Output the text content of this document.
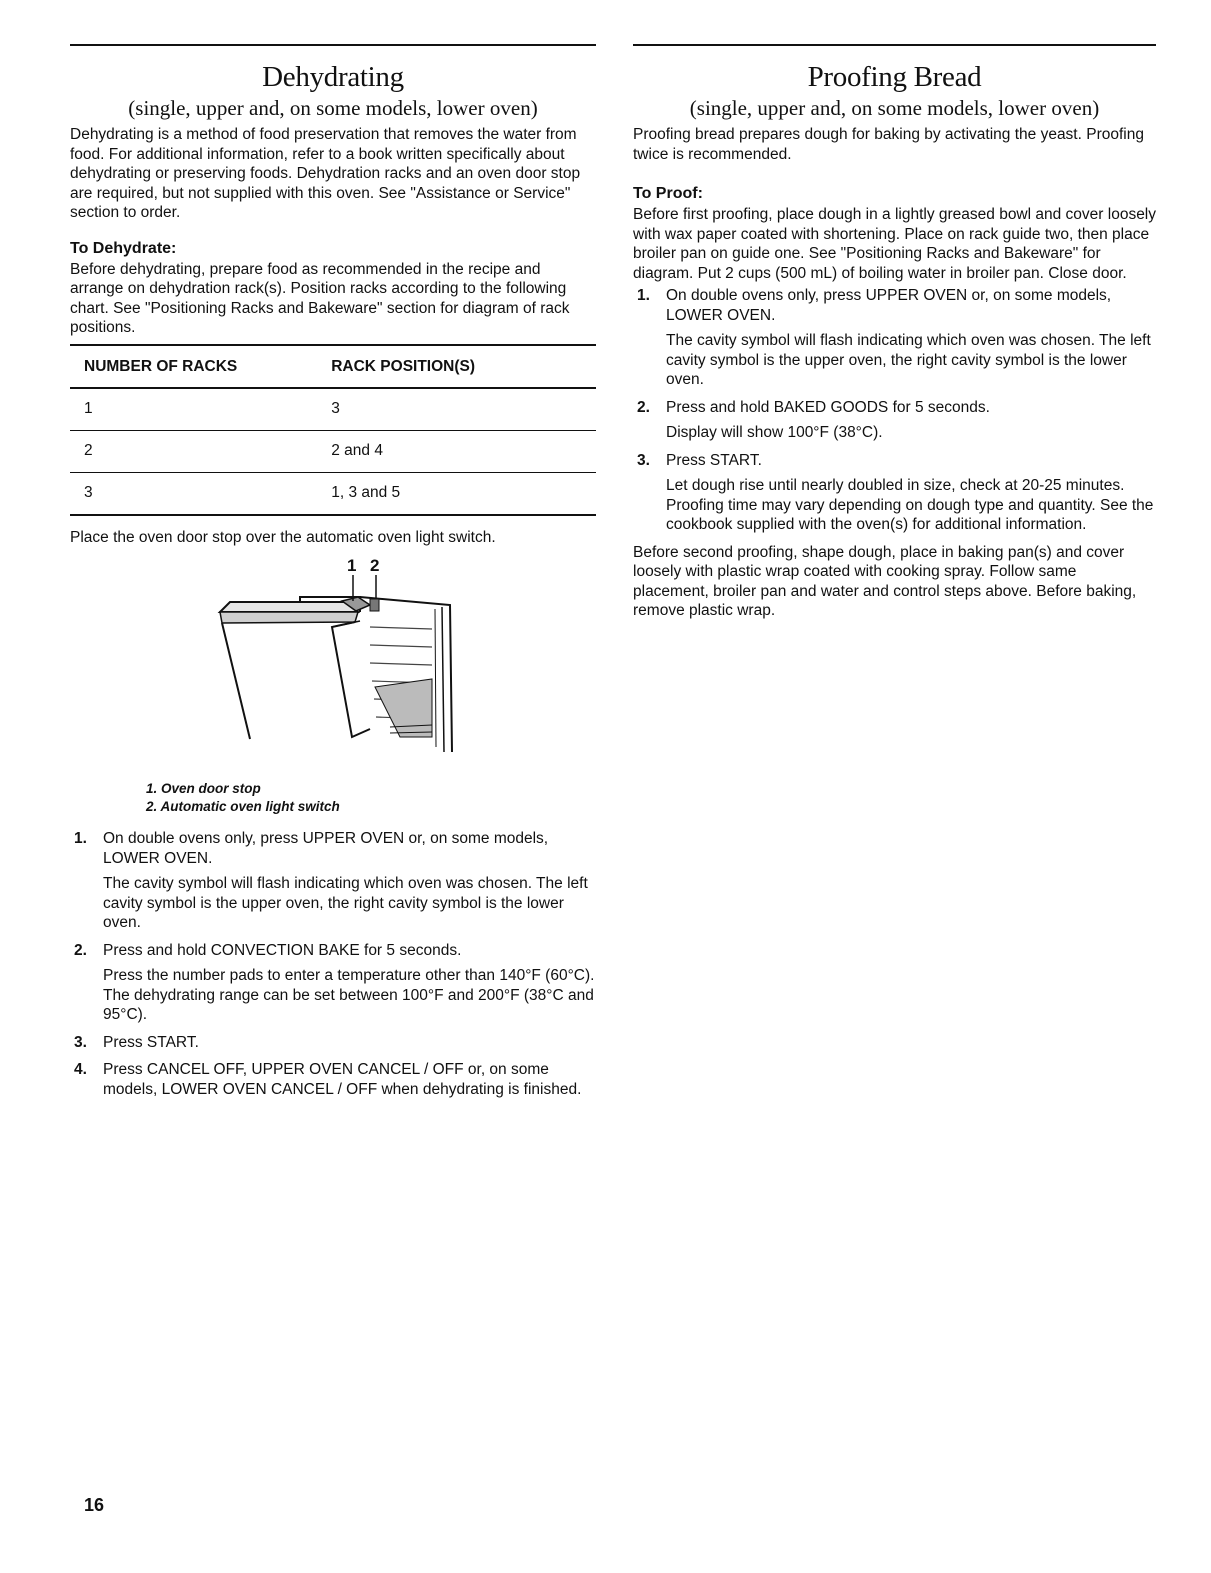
Dehydrating
(single, upper and, on some models, lower oven)

Dehydrating is a method of food preservation that removes the water from food. For additional information, refer to a book written specifically about dehydrating or preserving foods. Dehydration racks and an oven door stop are required, but not supplied with this oven. See "Assistance or Service" section to order.

To Dehydrate:

Before dehydrating, prepare food as recommended in the recipe and arrange on dehydration rack(s). Position racks according to the following chart. See "Positioning Racks and Bakeware" section for diagram of rack positions.

NUMBER OF RACKS	RACK POSITION(S)
1	3
2	2 and 4
3	1, 3 and 5

Place the oven door stop over the automatic oven light switch.

1 2
1. Oven door stop
2. Automatic oven light switch
1. On double ovens only, press UPPER OVEN or, on some models, LOWER OVEN.

The cavity symbol will flash indicating which oven was chosen. The left cavity symbol is the upper oven, the right cavity symbol is the lower oven.

2. Press and hold CONVECTION BAKE for 5 seconds.

Press the number pads to enter a temperature other than 140°F (60°C). The dehydrating range can be set between 100°F and 200°F (38°C and 95°C).

3. Press START.

4. Press CANCEL OFF, UPPER OVEN CANCEL / OFF or, on some models, LOWER OVEN CANCEL / OFF when dehydrating is finished.

Proofing Bread
(single, upper and, on some models, lower oven)

Proofing bread prepares dough for baking by activating the yeast. Proofing twice is recommended.

To Proof:

Before first proofing, place dough in a lightly greased bowl and cover loosely with wax paper coated with shortening. Place on rack guide two, then place broiler pan on guide one. See "Positioning Racks and Bakeware" for diagram. Put 2 cups (500 mL) of boiling water in broiler pan. Close door.

1. On double ovens only, press UPPER OVEN or, on some models, LOWER OVEN.

The cavity symbol will flash indicating which oven was chosen. The left cavity symbol is the upper oven, the right cavity symbol is the lower oven.

2. Press and hold BAKED GOODS for 5 seconds.

Display will show 100°F (38°C).

3. Press START.

Let dough rise until nearly doubled in size, check at 20-25 minutes. Proofing time may vary depending on dough type and quantity. See the cookbook supplied with the oven(s) for additional information.

Before second proofing, shape dough, place in baking pan(s) and cover loosely with plastic wrap coated with cooking spray. Follow same placement, broiler pan and water and control steps above. Before baking, remove plastic wrap.

16
